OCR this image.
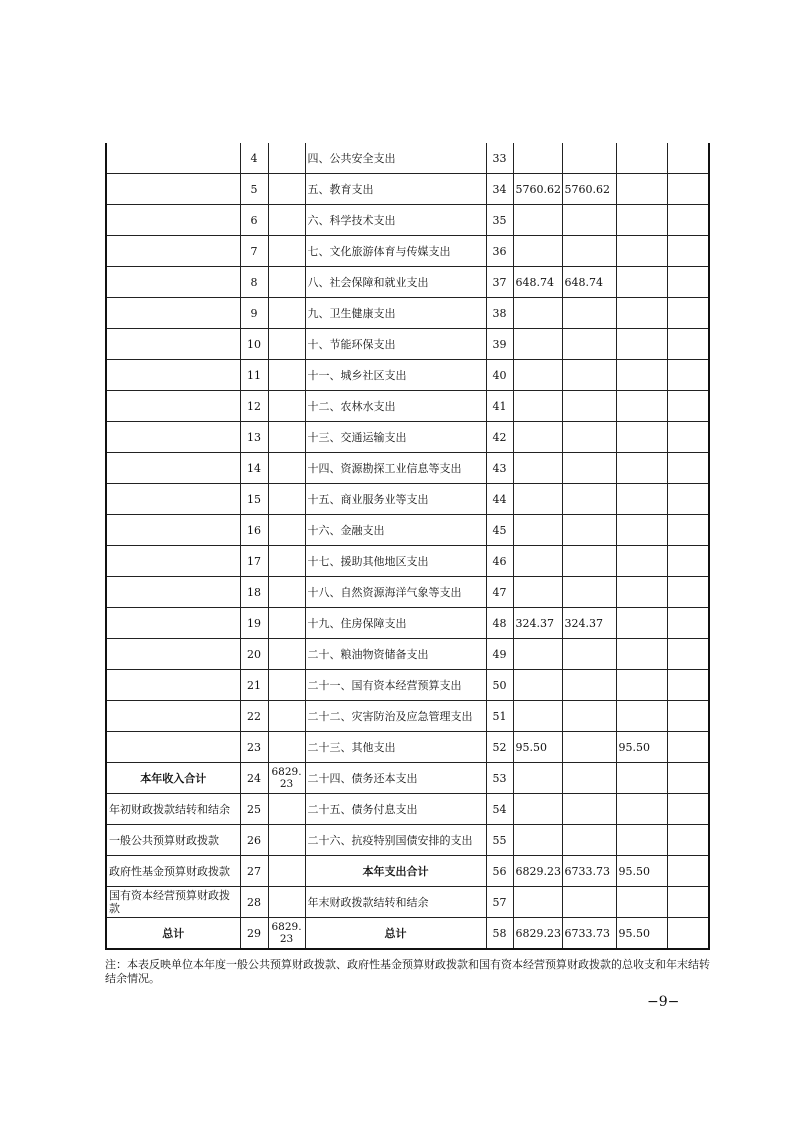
	4		四、公共安全支出	33				
	5		五、教育支出	34	5760.62	5760.62		
	6		六、科学技术支出	35				
	7		七、文化旅游体育与传媒支出	36				
	8		八、社会保障和就业支出	37	648.74	648.74		
	9		九、卫生健康支出	38				
	10		十、节能环保支出	39				
	11		十一、城乡社区支出	40				
	12		十二、农林水支出	41				
	13		十三、交通运输支出	42				
	14		十四、资源勘探工业信息等支出	43				
	15		十五、商业服务业等支出	44				
	16		十六、金融支出	45				
	17		十七、援助其他地区支出	46				
	18		十八、自然资源海洋气象等支出	47				
	19		十九、住房保障支出	48	324.37	324.37		
	20		二十、粮油物资储备支出	49				
	21		二十一、国有资本经营预算支出	50				
	22		二十二、灾害防治及应急管理支出	51				
	23		二十三、其他支出	52	95.50		95.50	
本年收入合计	24	6829.23	二十四、债务还本支出	53				
年初财政拨款结转和结余	25		二十五、债务付息支出	54				
一般公共预算财政拨款	26		二十六、抗疫特别国债安排的支出	55				
政府性基金预算财政拨款	27		本年支出合计	56	6829.23	6733.73	95.50	
国有资本经营预算财政拨款	28		年末财政拨款结转和结余	57				
总计	29	6829.23	总计	58	6829.23	6733.73	95.50	
注：本表反映单位本年度一般公共预算财政拨款、政府性基金预算财政拨款和国有资本经营预算财政拨款的总收支和年末结转结余情况。
−9−
